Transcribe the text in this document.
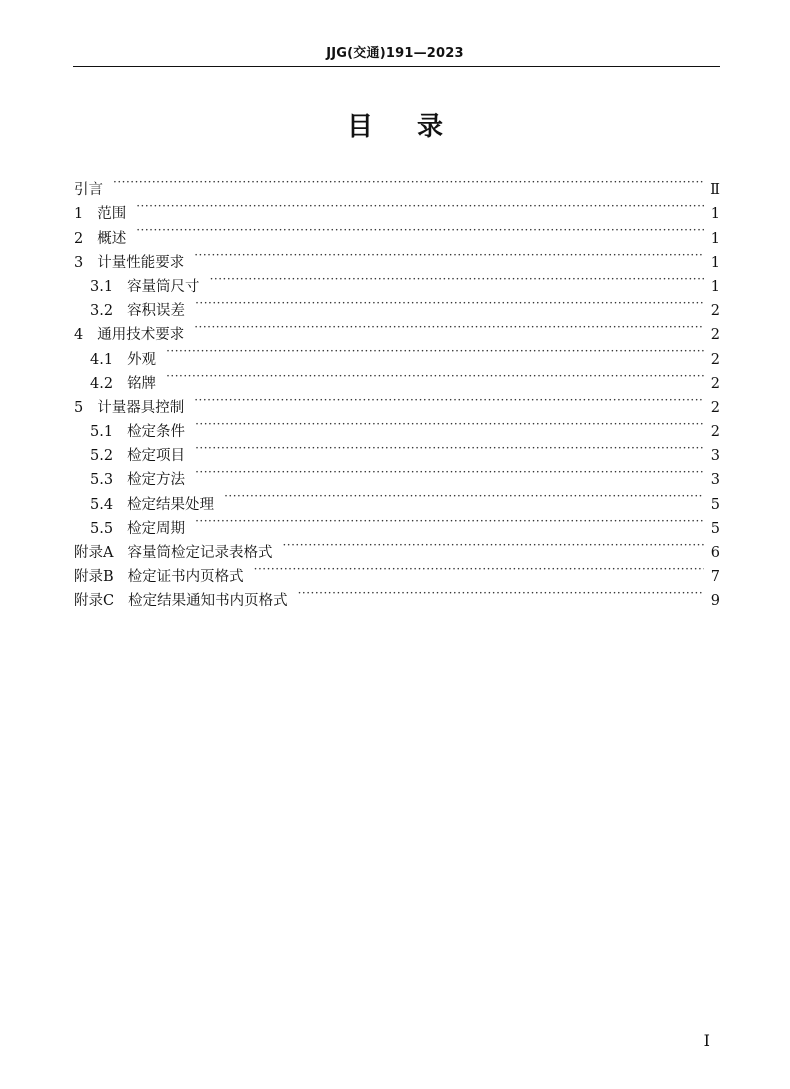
JJG(交通)191—2023
目录
引言 ·····	Ⅱ
1 范围 ·····	1
2 概述 ·····	1
3 计量性能要求 ·····	1
3.1 容量筒尺寸 ·····	1
3.2 容积误差 ·····	2
4 通用技术要求 ·····	2
4.1 外观 ·····	2
4.2 铭牌 ·····	2
5 计量器具控制 ·····	2
5.1 检定条件 ·····	2
5.2 检定项目 ·····	3
5.3 检定方法 ·····	3
5.4 检定结果处理 ·····	5
5.5 检定周期 ·····	5
附录A 容量筒检定记录表格式 ·····	6
附录B 检定证书内页格式 ·····	7
附录C 检定结果通知书内页格式 ·····	9
I
